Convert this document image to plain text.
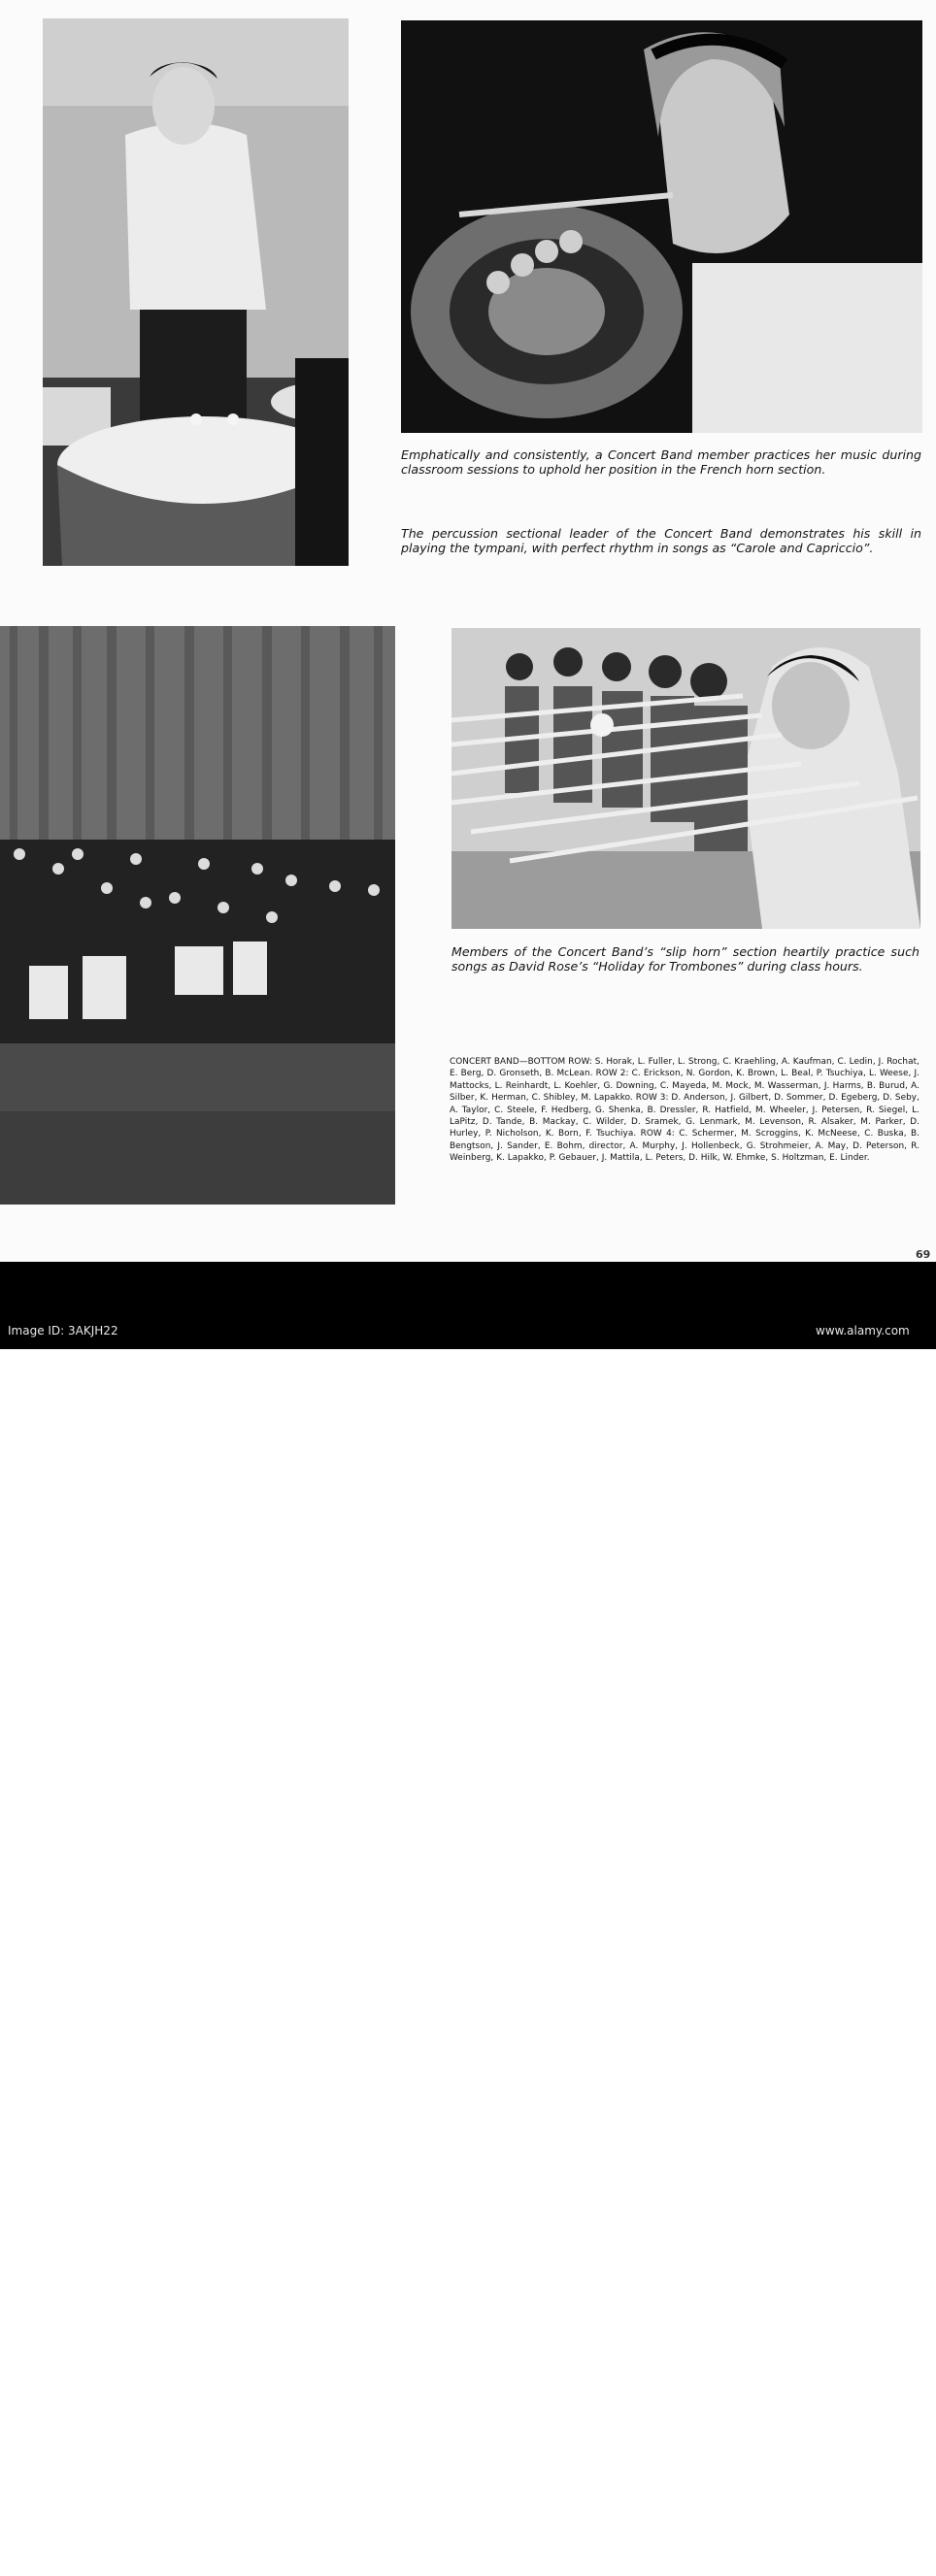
Emphatically and consistently, a Concert Band member practices her music during classroom sessions to uphold her position in the French horn section.
The percussion sectional leader of the Concert Band demonstrates his skill in playing the tympani, with perfect rhythm in songs as “Carole and Capriccio”.
Members of the Concert Band’s “slip horn” section heartily practice such songs as David Rose’s “Holiday for Trombones” during class hours.
CONCERT BAND—BOTTOM ROW: S. Horak, L. Fuller, L. Strong, C. Kraehling, A. Kaufman, C. Ledin, J. Rochat, E. Berg, D. Gronseth, B. McLean. ROW 2: C. Erickson, N. Gordon, K. Brown, L. Beal, P. Tsuchiya, L. Weese, J. Mattocks, L. Reinhardt, L. Koehler, G. Downing, C. Mayeda, M. Mock, M. Wasserman, J. Harms, B. Burud, A. Silber, K. Herman, C. Shibley, M. Lapakko. ROW 3: D. Anderson, J. Gilbert, D. Sommer, D. Egeberg, D. Seby, A. Taylor, C. Steele, F. Hedberg, G. Shenka, B. Dressler, R. Hatfield, M. Wheeler, J. Petersen, R. Siegel, L. LaPitz, D. Tande, B. Mackay, C. Wilder, D. Sramek, G. Lenmark, M. Levenson, R. Alsaker, M. Parker, D. Hurley, P. Nicholson, K. Born, F. Tsuchiya. ROW 4: C. Schermer, M. Scroggins, K. McNeese, C. Buska, B. Bengtson, J. Sander, E. Bohm, director, A. Murphy, J. Hollenbeck, G. Strohmeier, A. May, D. Peterson, R. Weinberg, K. Lapakko, P. Gebauer, J. Mattila, L. Peters, D. Hilk, W. Ehmke, S. Holtzman, E. Linder.
69
alamy
Image ID: 3AKJH22	www.alamy.com
